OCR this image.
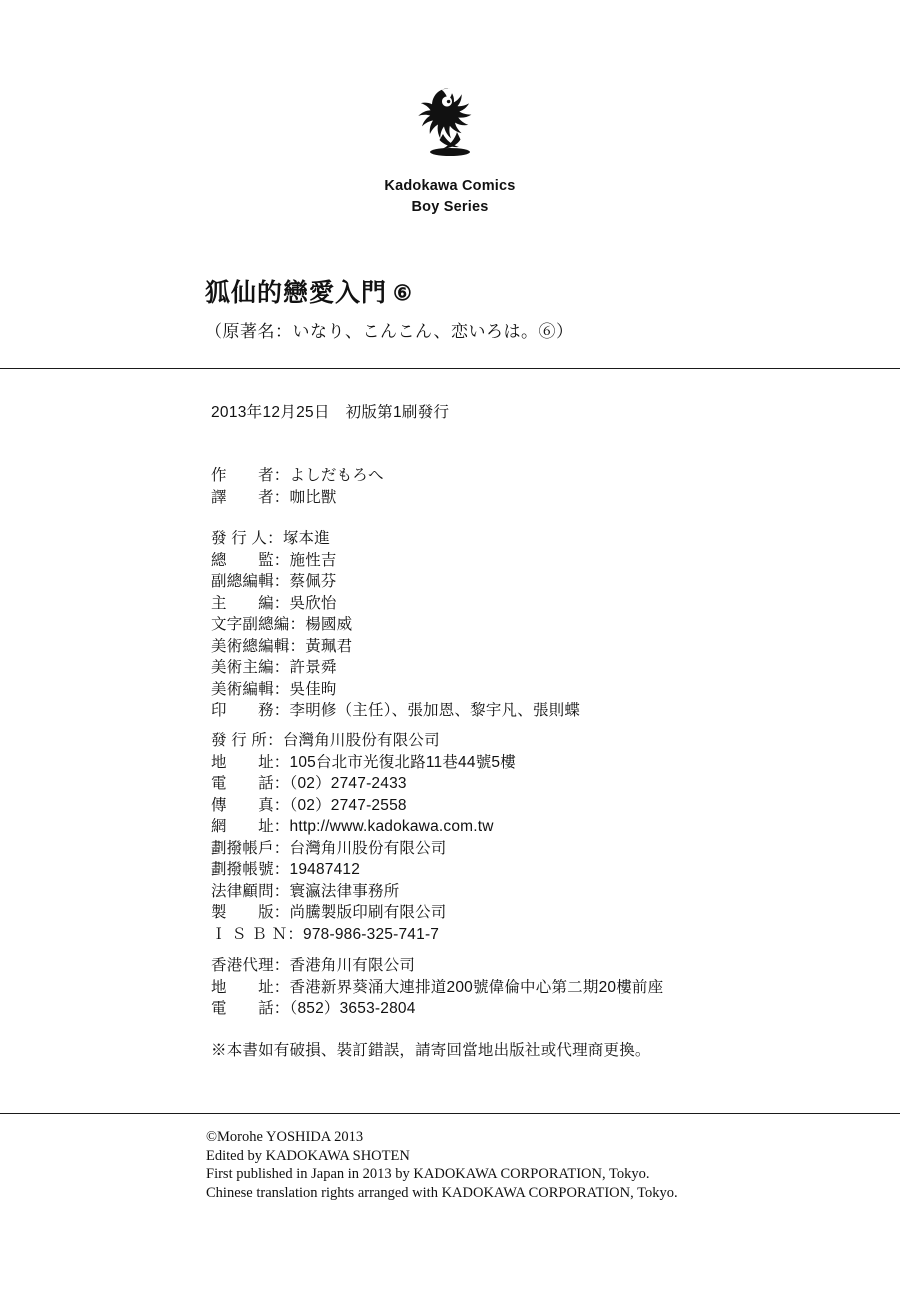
Kadokawa Comics
Boy Series
狐仙的戀愛入門 ⑥
（原著名：いなり、こんこん、恋いろは。⑥）
2013年12月25日　初版第1刷發行
作　　者：よしだもろへ
譯　　者：咖比獸
發 行 人：塚本進
總　　監：施性吉
副總編輯：蔡佩芬
主　　編：吳欣怡
文字副總編：楊國威
美術總編輯：黃珮君
美術主編：許景舜
美術編輯：吳佳昫
印　　務：李明修（主任）、張加恩、黎宇凡、張則蝶
發 行 所：台灣角川股份有限公司
地　　址：105台北市光復北路11巷44號5樓
電　　話：（02）2747-2433
傳　　真：（02）2747-2558
網　　址：http://www.kadokawa.com.tw
劃撥帳戶：台灣角川股份有限公司
劃撥帳號：19487412
法律顧問：寰瀛法律事務所
製　　版：尚騰製版印刷有限公司
Ｉ Ｓ Ｂ Ｎ：978-986-325-741-7
香港代理：香港角川有限公司
地　　址：香港新界葵涌大連排道200號偉倫中心第二期20樓前座
電　　話：（852）3653-2804
※本書如有破損、裝訂錯誤，請寄回當地出版社或代理商更換。
©Morohe YOSHIDA 2013
Edited by KADOKAWA SHOTEN
First published in Japan in 2013 by KADOKAWA CORPORATION, Tokyo.
Chinese translation rights arranged with KADOKAWA CORPORATION, Tokyo.
